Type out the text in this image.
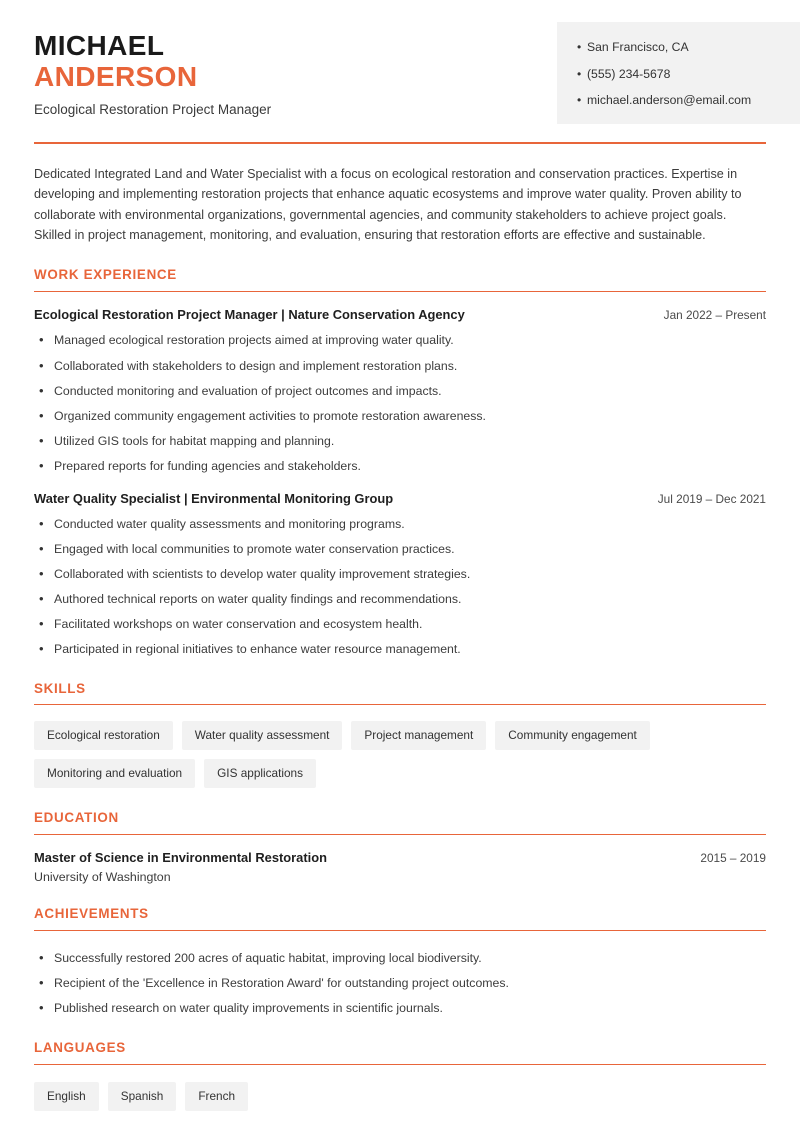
MICHAEL
ANDERSON
Ecological Restoration Project Manager
• San Francisco, CA
• (555) 234-5678
• michael.anderson@email.com
Dedicated Integrated Land and Water Specialist with a focus on ecological restoration and conservation practices. Expertise in developing and implementing restoration projects that enhance aquatic ecosystems and improve water quality. Proven ability to collaborate with environmental organizations, governmental agencies, and community stakeholders to achieve project goals. Skilled in project management, monitoring, and evaluation, ensuring that restoration efforts are effective and sustainable.
WORK EXPERIENCE
Ecological Restoration Project Manager | Nature Conservation Agency	Jan 2022 – Present
• Managed ecological restoration projects aimed at improving water quality.
• Collaborated with stakeholders to design and implement restoration plans.
• Conducted monitoring and evaluation of project outcomes and impacts.
• Organized community engagement activities to promote restoration awareness.
• Utilized GIS tools for habitat mapping and planning.
• Prepared reports for funding agencies and stakeholders.
Water Quality Specialist | Environmental Monitoring Group	Jul 2019 – Dec 2021
• Conducted water quality assessments and monitoring programs.
• Engaged with local communities to promote water conservation practices.
• Collaborated with scientists to develop water quality improvement strategies.
• Authored technical reports on water quality findings and recommendations.
• Facilitated workshops on water conservation and ecosystem health.
• Participated in regional initiatives to enhance water resource management.
SKILLS
Ecological restoration	Water quality assessment	Project management	Community engagement
Monitoring and evaluation	GIS applications
EDUCATION
Master of Science in Environmental Restoration	2015 – 2019
University of Washington
ACHIEVEMENTS
• Successfully restored 200 acres of aquatic habitat, improving local biodiversity.
• Recipient of the 'Excellence in Restoration Award' for outstanding project outcomes.
• Published research on water quality improvements in scientific journals.
LANGUAGES
English	Spanish	French
